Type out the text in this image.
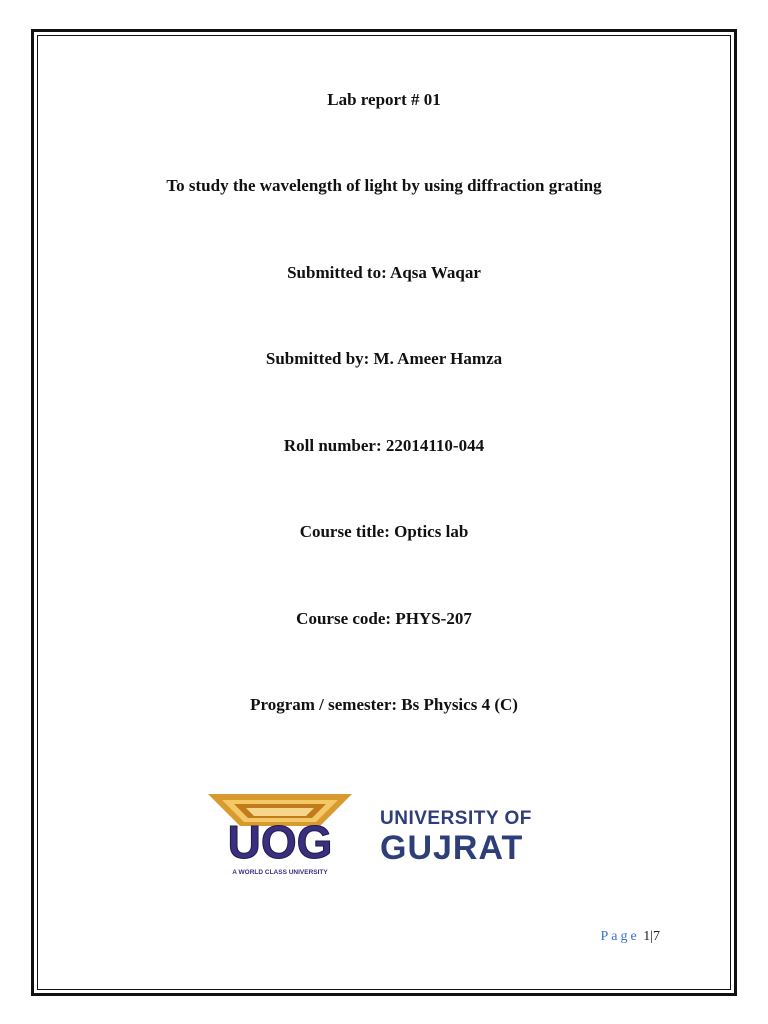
Lab report # 01
To study the wavelength of light by using diffraction grating
Submitted to: Aqsa Waqar
Submitted by: M. Ameer Hamza
Roll number: 22014110-044
Course title: Optics lab
Course code: PHYS-207
Program / semester: Bs Physics 4 (C)
UOG
A WORLD CLASS UNIVERSITY
UNIVERSITY OF
GUJRAT
Page 1|7
